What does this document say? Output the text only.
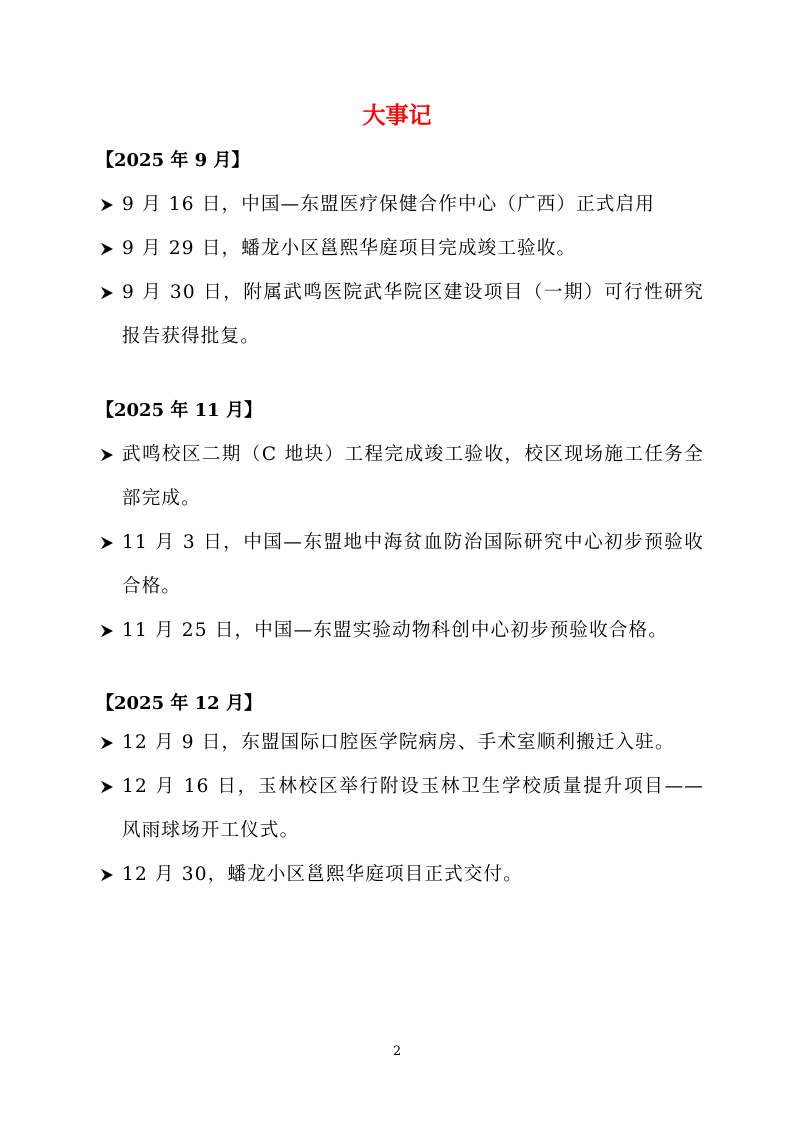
大事记
【2025 年 9 月】
9 月 16 日，中国—东盟医疗保健合作中心（广西）正式启用
9 月 29 日，蟠龙小区邕熙华庭项目完成竣工验收。
9 月 30 日，附属武鸣医院武华院区建设项目（一期）可行性研究报告获得批复。
【2025 年 11 月】
武鸣校区二期（C 地块）工程完成竣工验收，校区现场施工任务全部完成。
11 月 3 日，中国—东盟地中海贫血防治国际研究中心初步预验收合格。
11 月 25 日，中国—东盟实验动物科创中心初步预验收合格。
【2025 年 12 月】
12 月 9 日，东盟国际口腔医学院病房、手术室顺利搬迁入驻。
12 月 16 日，玉林校区举行附设玉林卫生学校质量提升项目——风雨球场开工仪式。
12 月 30，蟠龙小区邕熙华庭项目正式交付。
2
